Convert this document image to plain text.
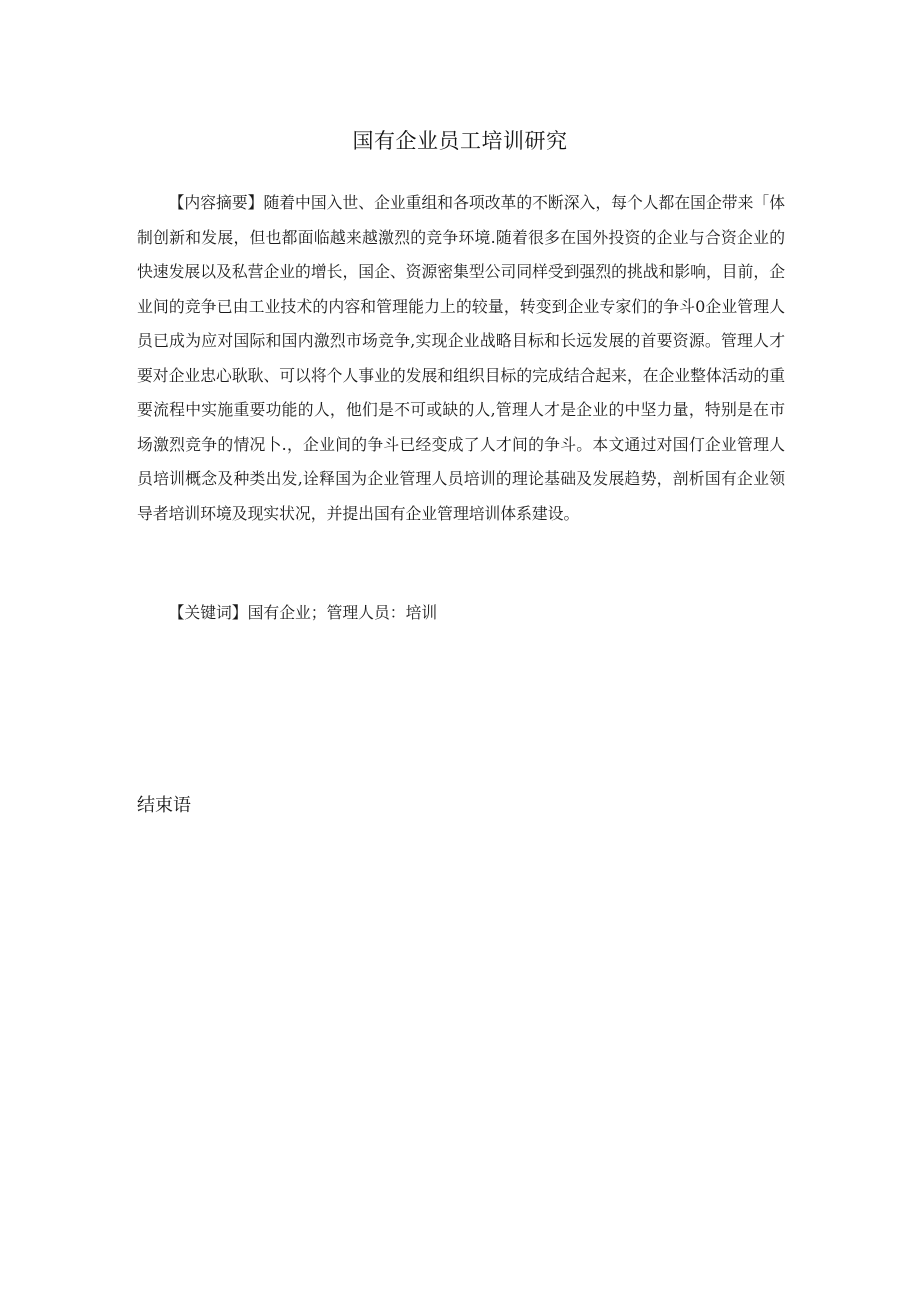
国有企业员工培训研究
【内容摘要】随着中国入世、企业重组和各项改革的不断深入，每个人都在国企带来「体制创新和发展，但也都面临越来越激烈的竞争环境.随着很多在国外投资的企业与合资企业的快速发展以及私营企业的增长，国企、资源密集型公司同样受到强烈的挑战和影响，目前，企业间的竞争已由工业技术的内容和管理能力上的较量，转变到企业专家们的争斗0企业管理人员已成为应对国际和国内激烈市场竞争,实现企业战略目标和长远发展的首要资源。管理人才要对企业忠心耿耿、可以将个人事业的发展和组织目标的完成结合起来，在企业整体活动的重要流程中实施重要功能的人，他们是不可或缺的人,管理人才是企业的中坚力量，特别是在市场激烈竞争的情况卜.，企业间的争斗已经变成了人才间的争斗。本文通过对国仃企业管理人员培训概念及种类出发,诠释国为企业管理人员培训的理论基础及发展趋势，剖析国有企业领导者培训环境及现实状况，并提出国有企业管理培训体系建设。
【关键词】国有企业；管理人员：培训
结束语
